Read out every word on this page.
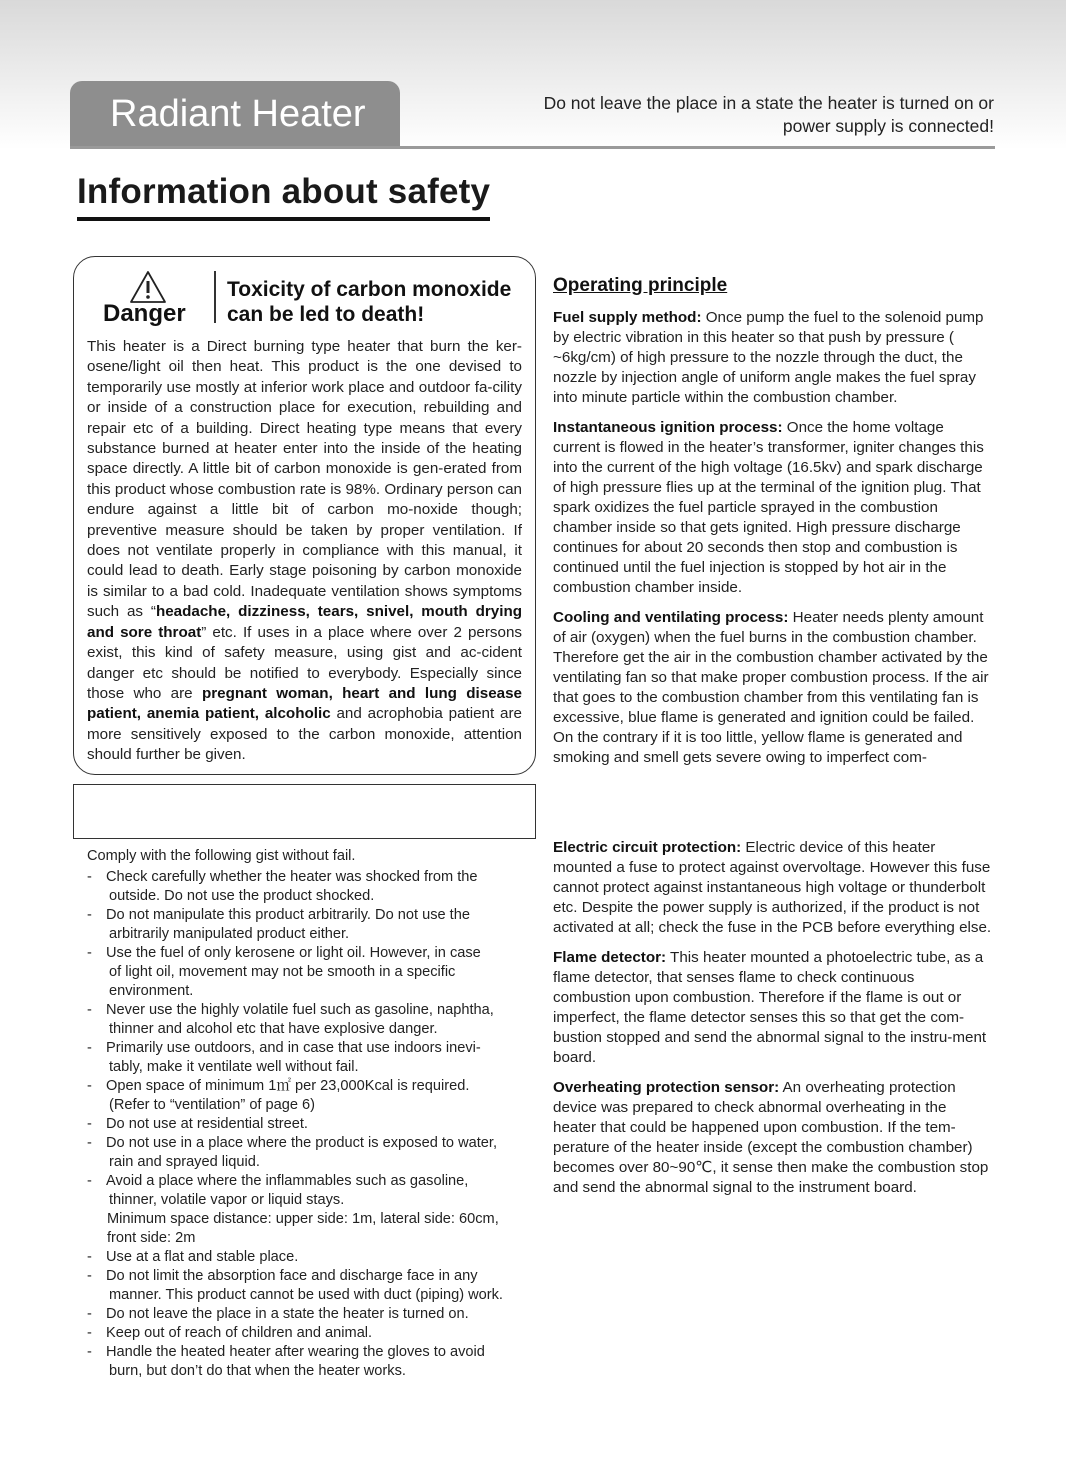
Radiant Heater	Do not leave the place in a state the heater is turned on or
power supply is connected!
Information about safety
Danger
Toxicity of carbon monoxide
can be led to death!
This heater is a Direct burning type heater that burn the ker-osene/light oil then heat. This product is the one devised to temporarily use mostly at inferior work place and outdoor fa-cility or inside of a construction place for execution, rebuilding and repair etc of a building. Direct heating type means that every substance burned at heater enter into the inside of the heating space directly. A little bit of carbon monoxide is gen-erated from this product whose combustion rate is 98%. Ordinary person can endure against a little bit of carbon mo-noxide though; preventive measure should be taken by proper ventilation. If does not ventilate properly in compliance with this manual, it could lead to death. Early stage poisoning by carbon monoxide is similar to a bad cold. Inadequate ventilation shows symptoms such as “headache, dizziness, tears, snivel, mouth drying and sore throat” etc. If uses in a place where over 2 persons exist, this kind of safety measure, using gist and ac-cident danger etc should be notified to everybody. Especially since those who are pregnant woman, heart and lung disease patient, anemia patient, alcoholic and acrophobia patient are more sensitively exposed to the carbon monoxide, attention should further be given.
Comply with the following gist without fail.
- Check carefully whether the heater was shocked from the
outside. Do not use the product shocked.
- Do not manipulate this product arbitrarily. Do not use the
arbitrarily manipulated product either.
- Use the fuel of only kerosene or light oil. However, in case
of light oil, movement may not be smooth in a specific environment.
- Never use the highly volatile fuel such as gasoline, naphtha,
thinner and alcohol etc that have explosive danger.
- Primarily use outdoors, and in case that use indoors inevi-
tably, make it ventilate well without fail.
- Open space of minimum 1㎡ per 23,000Kcal is required.
(Refer to “ventilation” of page 6)
- Do not use at residential street.
- Do not use in a place where the product is exposed to water,
rain and sprayed liquid.
- Avoid a place where the inflammables such as gasoline,
thinner, volatile vapor or liquid stays.
Minimum space distance: upper side: 1m, lateral side: 60cm, front side: 2m
- Use at a flat and stable place.
- Do not limit the absorption face and discharge face in any
manner. This product cannot be used with duct (piping) work.
- Do not leave the place in a state the heater is turned on.
- Keep out of reach of children and animal.
- Handle the heated heater after wearing the gloves to avoid
burn, but don’t do that when the heater works.
Operating principle

Fuel supply method: Once pump the fuel to the solenoid pump by electric vibration in this heater so that push by pressure ( ~6kg/cm) of high pressure to the nozzle through the duct, the nozzle by injection angle of uniform angle makes the fuel spray into minute particle within the combustion chamber.

Instantaneous ignition process: Once the home voltage current is flowed in the heater’s transformer, igniter changes this into the current of the high voltage (16.5kv) and spark discharge of high pressure flies up at the terminal of the ignition plug. That spark oxidizes the fuel particle sprayed in the combustion chamber inside so that gets ignited. High pressure discharge continues for about 20 seconds then stop and combustion is continued until the fuel injection is stopped by hot air in the combustion chamber inside.

Cooling and ventilating process: Heater needs plenty amount of air (oxygen) when the fuel burns in the combustion chamber. Therefore get the air in the combustion chamber activated by the ventilating fan so that make proper combustion process. If the air that goes to the combustion chamber from this ventilating fan is excessive, blue flame is generated and ignition could be failed. On the contrary if it is too little, yellow flame is generated and smoking and smell gets severe owing to imperfect com-

Electric circuit protection: Electric device of this heater mounted a fuse to protect against overvoltage. However this fuse cannot protect against instantaneous high voltage or thunderbolt etc. Despite the power supply is authorized, if the product is not activated at all; check the fuse in the PCB before everything else.

Flame detector: This heater mounted a photoelectric tube, as a flame detector, that senses flame to check continuous combustion upon combustion. Therefore if the flame is out or imperfect, the flame detector senses this so that get the com-bustion stopped and send the abnormal signal to the instru-ment board.

Overheating protection sensor: An overheating protection device was prepared to check abnormal overheating in the heater that could be happened upon combustion. If the tem-perature of the heater inside (except the combustion chamber) becomes over 80~90℃, it sense then make the combustion stop and send the abnormal signal to the instrument board.
